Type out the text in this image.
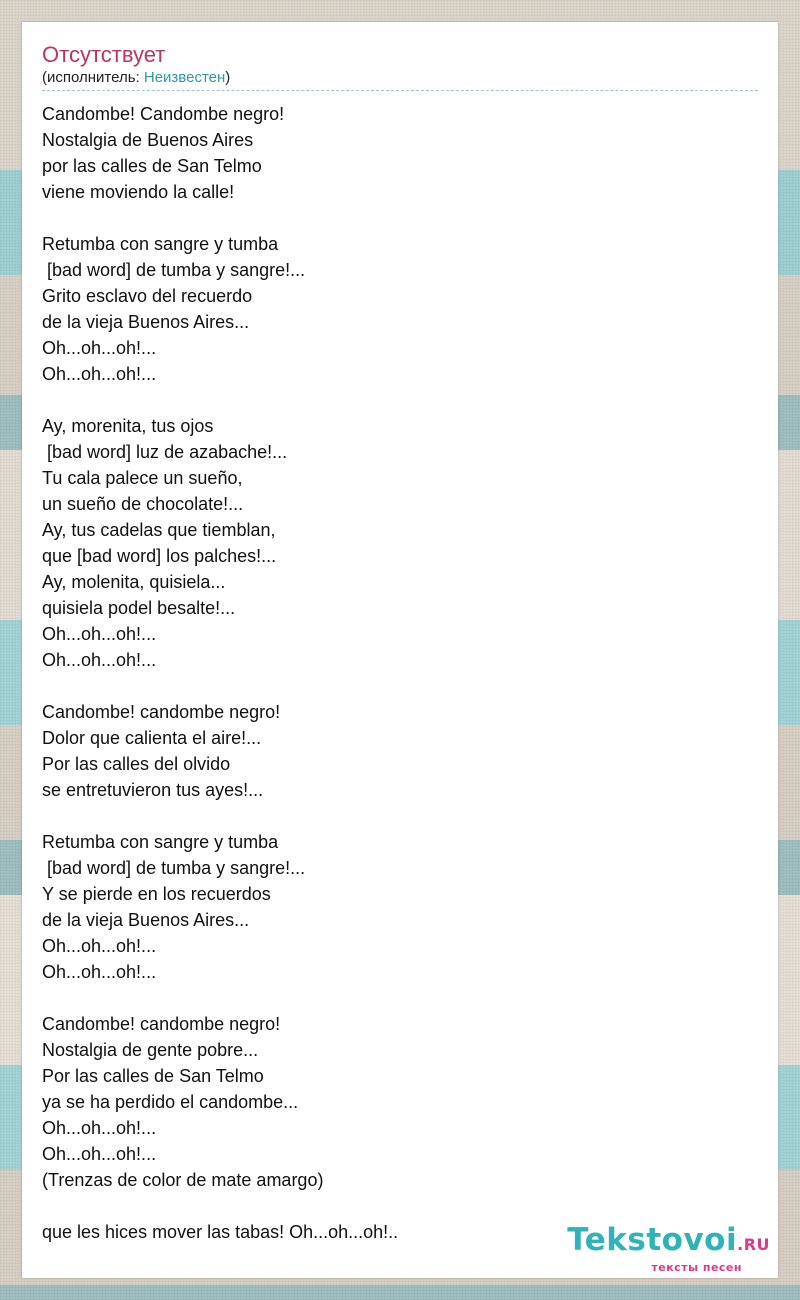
Отсутствует
(исполнитель: Неизвестен)
Candombe! Candombe negro!
Nostalgia de Buenos Aires
por las calles de San Telmo
viene moviendo la calle!
Retumba con sangre y tumba
[bad word] de tumba y sangre!...
Grito esclavo del recuerdo
de la vieja Buenos Aires...
Oh...oh...oh!...
Oh...oh...oh!...
Ay, morenita, tus ojos
[bad word] luz de azabache!...
Tu cala palece un sueño,
un sueño de chocolate!...
Ay, tus cadelas que tiemblan,
que [bad word] los palches!...
Ay, molenita, quisiela...
quisiela podel besalte!...
Oh...oh...oh!...
Oh...oh...oh!...
Candombe! candombe negro!
Dolor que calienta el aire!...
Por las calles del olvido
se entretuvieron tus ayes!...
Retumba con sangre y tumba
[bad word] de tumba y sangre!...
Y se pierde en los recuerdos
de la vieja Buenos Aires...
Oh...oh...oh!...
Oh...oh...oh!...
Candombe! candombe negro!
Nostalgia de gente pobre...
Por las calles de San Telmo
ya se ha perdido el candombe...
Oh...oh...oh!...
Oh...oh...oh!...
(Trenzas de color de mate amargo)
que les hices mover las tabas! Oh...oh...oh!..	Tekstovoi.RU
тексты песен
